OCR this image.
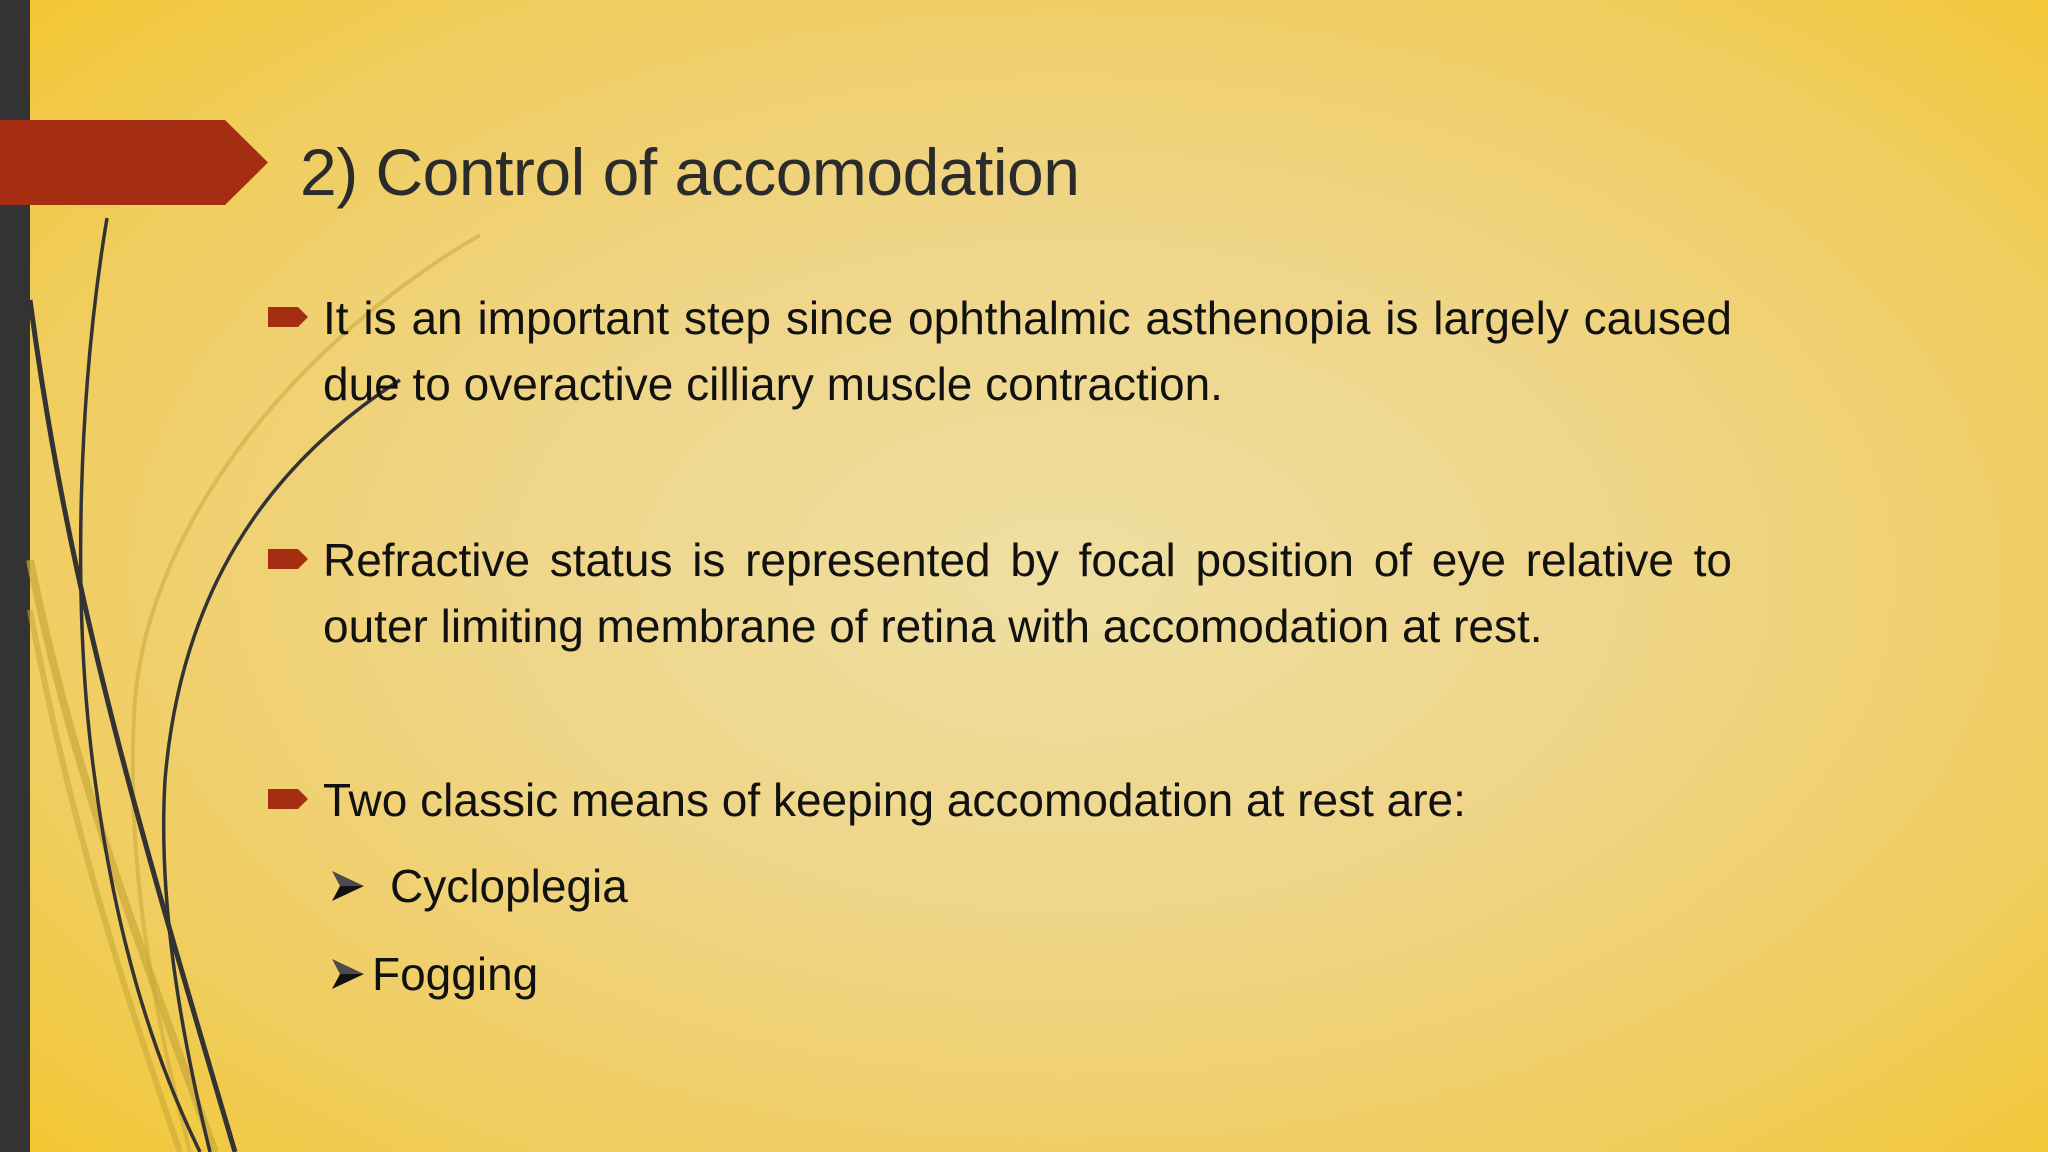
2) Control of accomodation
It is an important step since ophthalmic asthenopia is largely caused due to overactive cilliary muscle contraction.
Refractive status is represented by focal position of eye relative to outer limiting membrane of retina with accomodation at rest.
Two classic means of keeping accomodation at rest are:
Cycloplegia
Fogging
